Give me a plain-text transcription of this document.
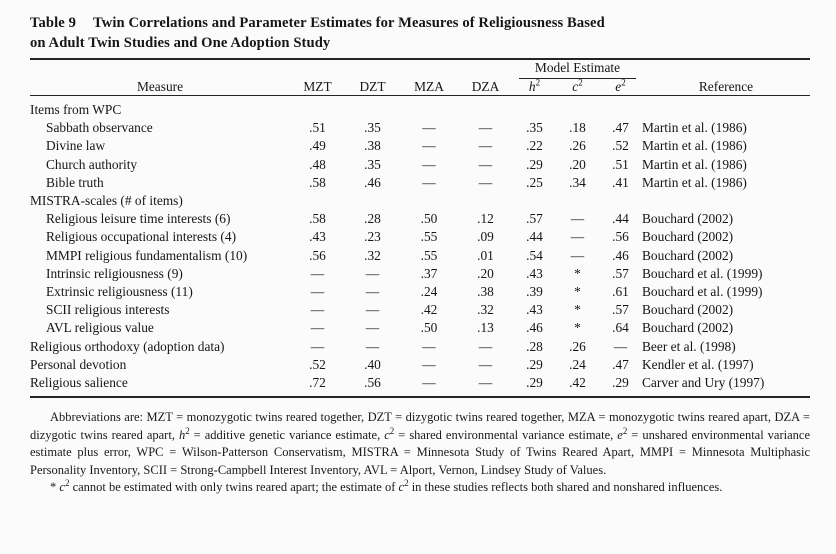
Table 9 Twin Correlations and Parameter Estimates for Measures of Religiousness Based
on Adult Twin Studies and One Adoption Study

					Model Estimate			

Measure	MZT	DZT	MZA	DZA	$h^2$	$c^2$	$e^2$	Reference
Items from WPC								
Sabbath observance	.51	.35	—	—	.35	.18	.47	Martin et al. (1986)
Divine law	.49	.38	—	—	.22	.26	.52	Martin et al. (1986)
Church authority	.48	.35	—	—	.29	.20	.51	Martin et al. (1986)
Bible truth	.58	.46	—	—	.25	.34	.41	Martin et al. (1986)
MISTRA-scales (# of items)								
Religious leisure time interests (6)	.58	.28	.50	.12	.57	—	.44	Bouchard (2002)
Religious occupational interests (4)	.43	.23	.55	.09	.44	—	.56	Bouchard (2002)
MMPI religious fundamentalism (10)	.56	.32	.55	.01	.54	—	.46	Bouchard (2002)
Intrinsic religiousness (9)	—	—	.37	.20	.43	*	.57	Bouchard et al. (1999)
Extrinsic religiousness (11)	—	—	.24	.38	.39	*	.61	Bouchard et al. (1999)
SCII religious interests	—	—	.42	.32	.43	*	.57	Bouchard (2002)
AVL religious value	—	—	.50	.13	.46	*	.64	Bouchard (2002)
Religious orthodoxy (adoption data)	—	—	—	—	.28	.26	—	Beer et al. (1998)
Personal devotion	.52	.40	—	—	.29	.24	.47	Kendler et al. (1997)
Religious salience	.72	.56	—	—	.29	.42	.29	Carver and Ury (1997)

Abbreviations are: MZT = monozygotic twins reared together, DZT = dizygotic twins reared together, MZA = monozygotic twins reared apart, DZA = dizygotic twins reared apart, $h^2$ = additive genetic variance estimate, $c^2$ = shared environmental variance estimate, $e^2$ = unshared environmental variance estimate plus error, WPC = Wilson-Patterson Conservatism, MISTRA = Minnesota Study of Twins Reared Apart, MMPI = Minnesota Multiphasic Personality Inventory, SCII = Strong-Campbell Interest Inventory, AVL = Alport, Vernon, Lindsey Study of Values.

* $c^2$ cannot be estimated with only twins reared apart; the estimate of $c^2$ in these studies reflects both shared and nonshared influences.
